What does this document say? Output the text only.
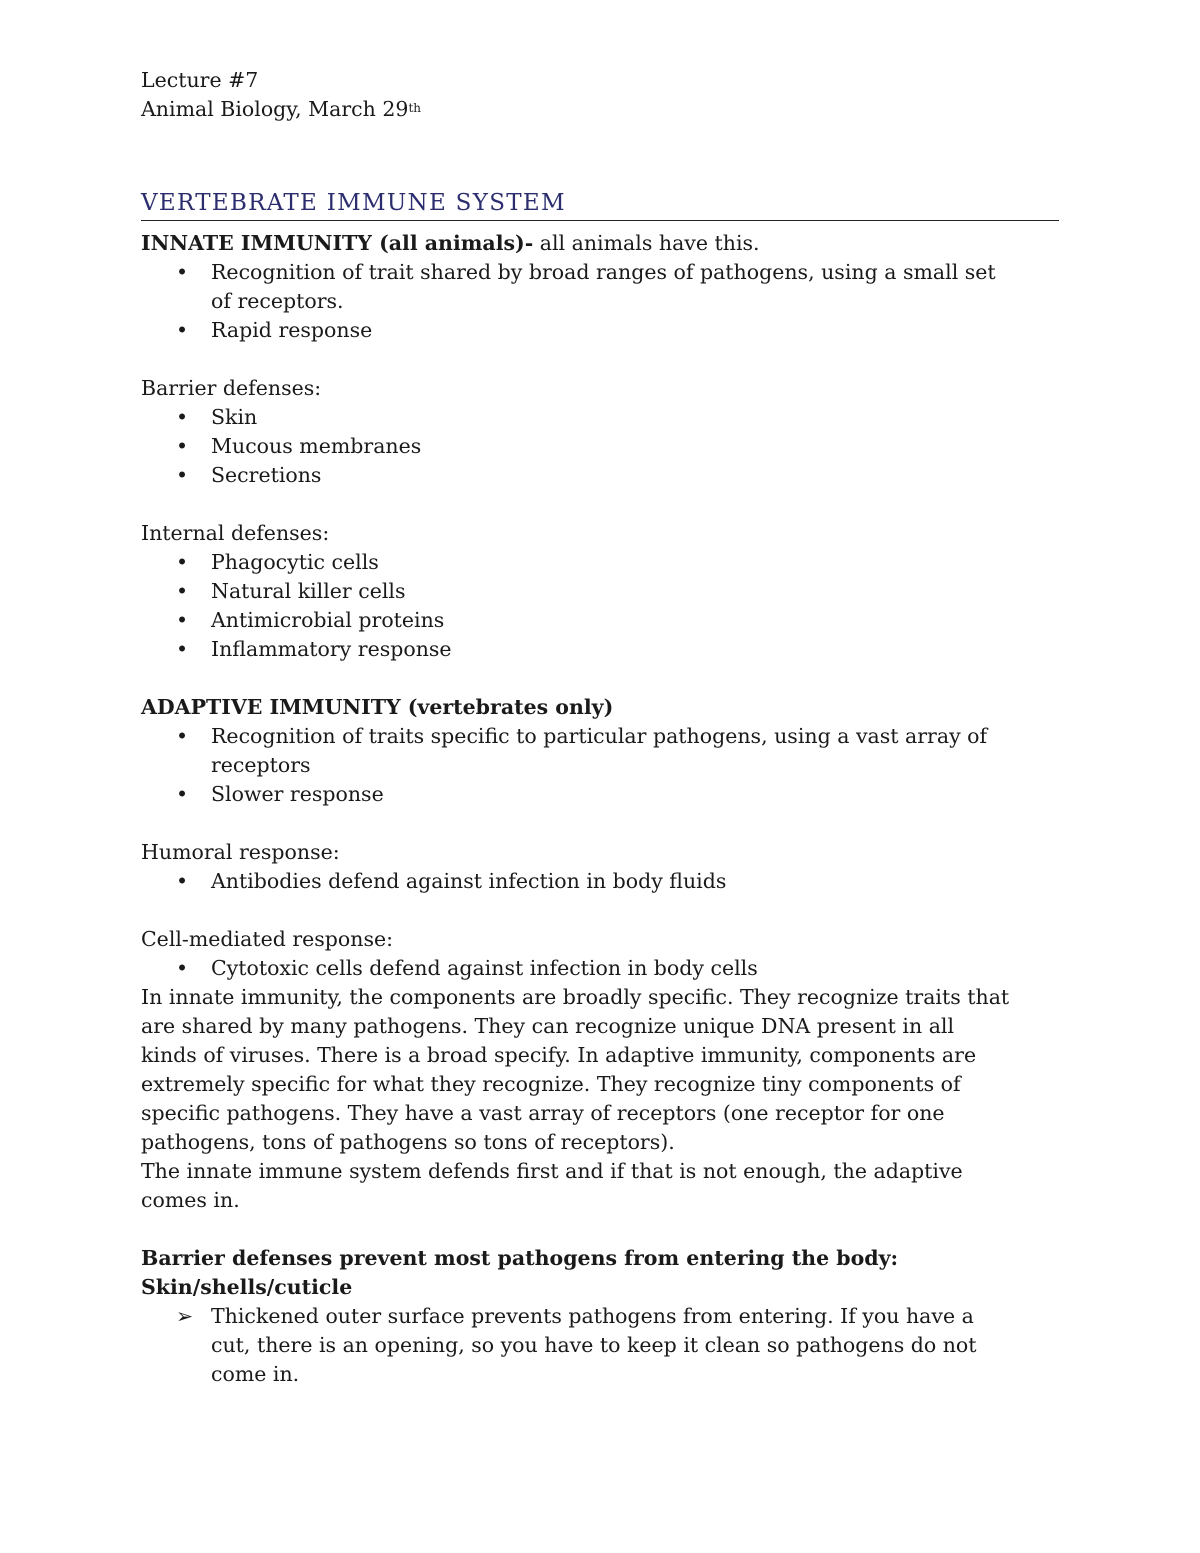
Lecture #7
Animal Biology, March 29th
VERTEBRATE IMMUNE SYSTEM
INNATE IMMUNITY (all animals)- all animals have this.
• Recognition of trait shared by broad ranges of pathogens, using a small set
of receptors.
• Rapid response
Barrier defenses:
• Skin
• Mucous membranes
• Secretions
Internal defenses:
• Phagocytic cells
• Natural killer cells
• Antimicrobial proteins
• Inflammatory response
ADAPTIVE IMMUNITY (vertebrates only)
• Recognition of traits specific to particular pathogens, using a vast array of
receptors
• Slower response
Humoral response:
• Antibodies defend against infection in body fluids
Cell-mediated response:
• Cytotoxic cells defend against infection in body cells
In innate immunity, the components are broadly specific. They recognize traits that
are shared by many pathogens. They can recognize unique DNA present in all
kinds of viruses. There is a broad specify. In adaptive immunity, components are
extremely specific for what they recognize. They recognize tiny components of
specific pathogens. They have a vast array of receptors (one receptor for one
pathogens, tons of pathogens so tons of receptors).
The innate immune system defends first and if that is not enough, the adaptive
comes in.
Barrier defenses prevent most pathogens from entering the body:
Skin/shells/cuticle
➢ Thickened outer surface prevents pathogens from entering. If you have a
cut, there is an opening, so you have to keep it clean so pathogens do not
come in.
